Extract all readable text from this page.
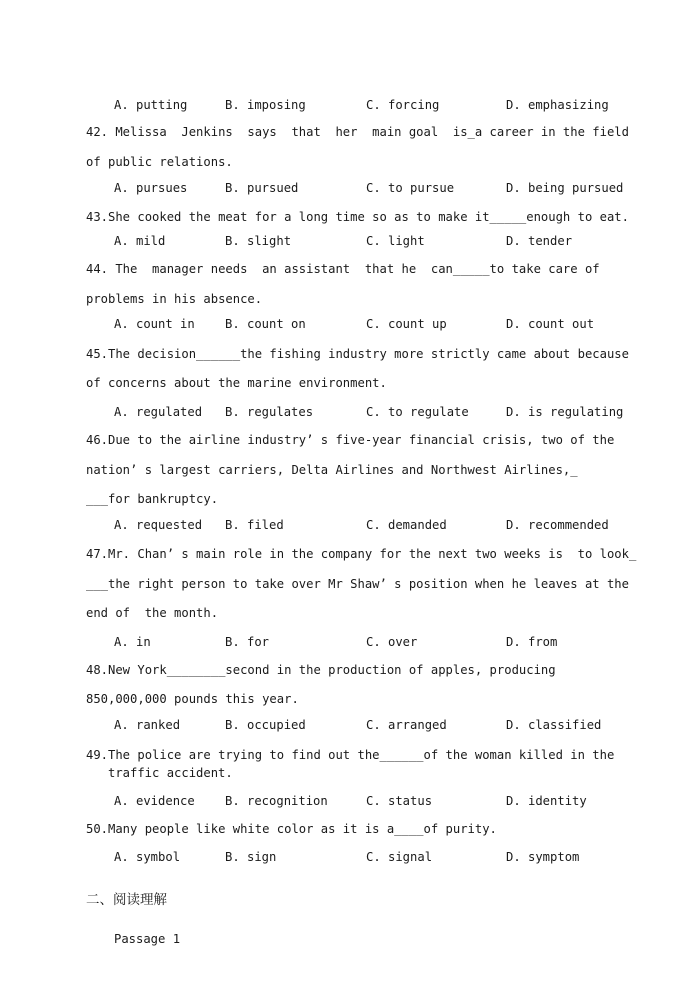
A. putting	B. imposing	C. forcing	D. emphasizing
42. Melissa  Jenkins  says  that  her  main goal  is_a career in the field
of public relations.
A. pursues	B. pursued	C. to pursue	D. being pursued
43.She cooked the meat for a long time so as to make it_____enough to eat.
A. mild	B. slight	C. light	D. tender
44. The  manager needs  an assistant  that he  can_____to take care of
problems in his absence.
A. count in B. count on	C. count up	D. count out
45.The decision______the fishing industry more strictly came about because
of concerns about the marine environment.
A. regulated B. regulates	C. to regulate	D. is regulating
46.Due to the airline industry’ s five-year financial crisis, two of the
nation’ s largest carriers, Delta Airlines and Northwest Airlines,_
___for bankruptcy.
A. requested B. filed	C. demanded	D. recommended
47.Mr. Chan’ s main role in the company for the next two weeks is  to look_
___the right person to take over Mr Shaw’ s position when he leaves at the
end of  the month.
A. in	B. for	C. over	D. from
48.New York________second in the production of apples, producing
850,000,000 pounds this year.
A. ranked	B. occupied	C. arranged	D. classified
49.The police are trying to find out the______of the woman killed in the
traffic accident.
A. evidence B. recognition	C. status	D. identity
50.Many people like white color as it is a____of purity.
A. symbol	B. sign	C. signal	D. symptom
二、阅读理解
Passage 1
